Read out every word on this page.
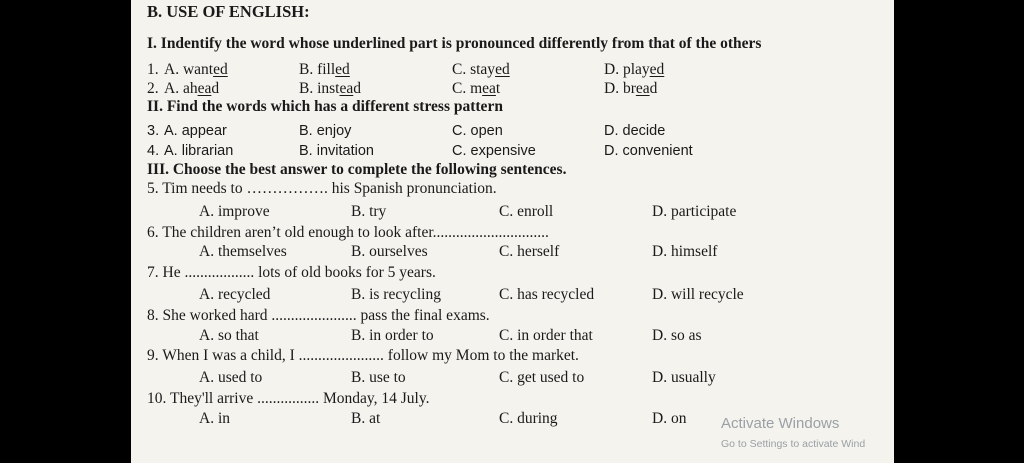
B. USE OF ENGLISH:
I. Indentify the word whose underlined part is pronounced differently from that of the others
1. A. wanted	B. filled	C. stayed	D. played
2. A. ahead	B. instead	C. meat	D. bread
II. Find the words which has a different stress pattern
3. A. appear	B. enjoy	C. open	D. decide
4. A. librarian	B. invitation	C. expensive	D. convenient
III. Choose the best answer to complete the following sentences.
5. Tim needs to ……………. his Spanish pronunciation.
A. improve	B. try	C. enroll	D. participate
6. The children aren’t old enough to look after..............................
A. themselves	B. ourselves	C. herself	D. himself
7. He .................. lots of old books for 5 years.
A. recycled	B. is recycling	C. has recycled	D. will recycle
8. She worked hard ...................... pass the final exams.
A. so that	B. in order to	C. in order that	D. so as
9. When I was a child, I ...................... follow my Mom to the market.
A. used to	B. use to	C. get used to	D. usually
10. They'll arrive ................ Monday, 14 July.
A. in	B. at	C. during	D. on Activate Windows
Go to Settings to activate Wind
